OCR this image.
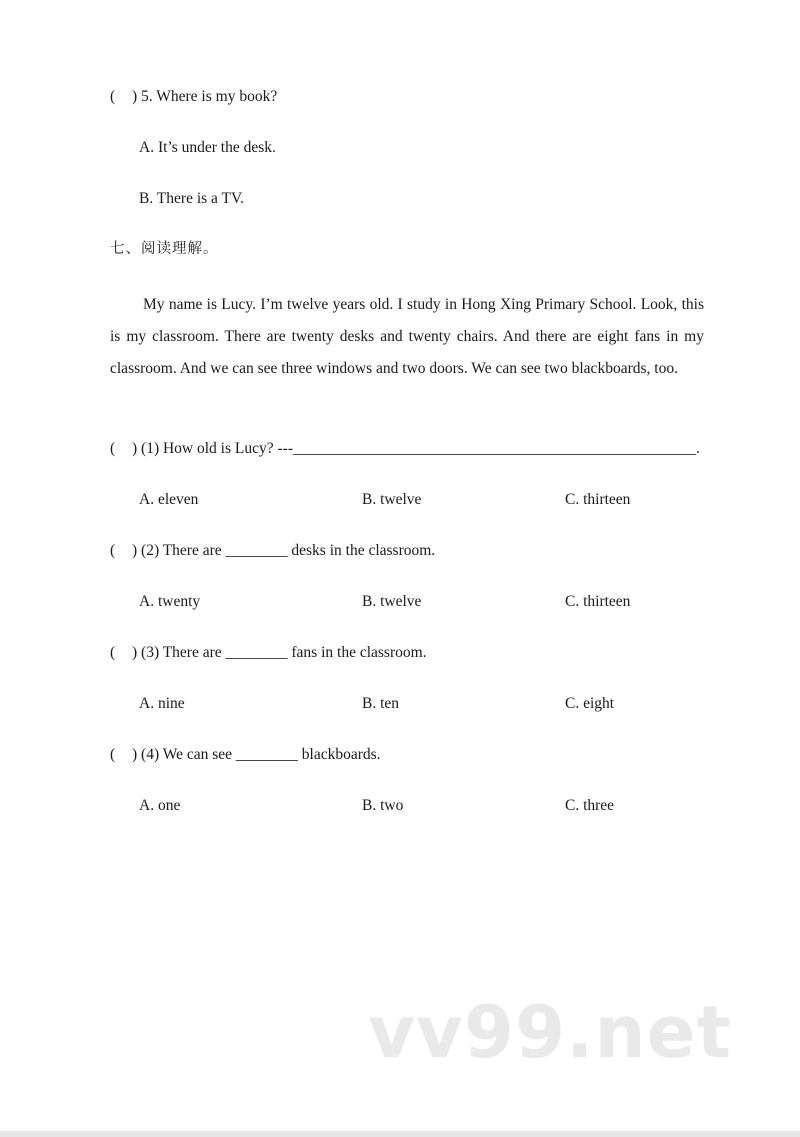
( ) 5. Where is my book?
A. It’s under the desk.
B. There is a TV.
七、阅读理解。
My name is Lucy. I’m twelve years old. I study in Hong Xing Primary School. Look, this is my classroom. There are twenty desks and twenty chairs. And there are eight fans in my classroom. And we can see three windows and two doors. We can see two blackboards, too.
( ) (1) How old is Lucy? ---____________________________________________________.
A. eleven	B. twelve	C. thirteen
( ) (2) There are ________ desks in the classroom.
A. twenty	B. twelve	C. thirteen
( ) (3) There are ________ fans in the classroom.
A. nine	B. ten	C. eight
( ) (4) We can see ________ blackboards.
A. one	B. two	C. three
vv99.net
